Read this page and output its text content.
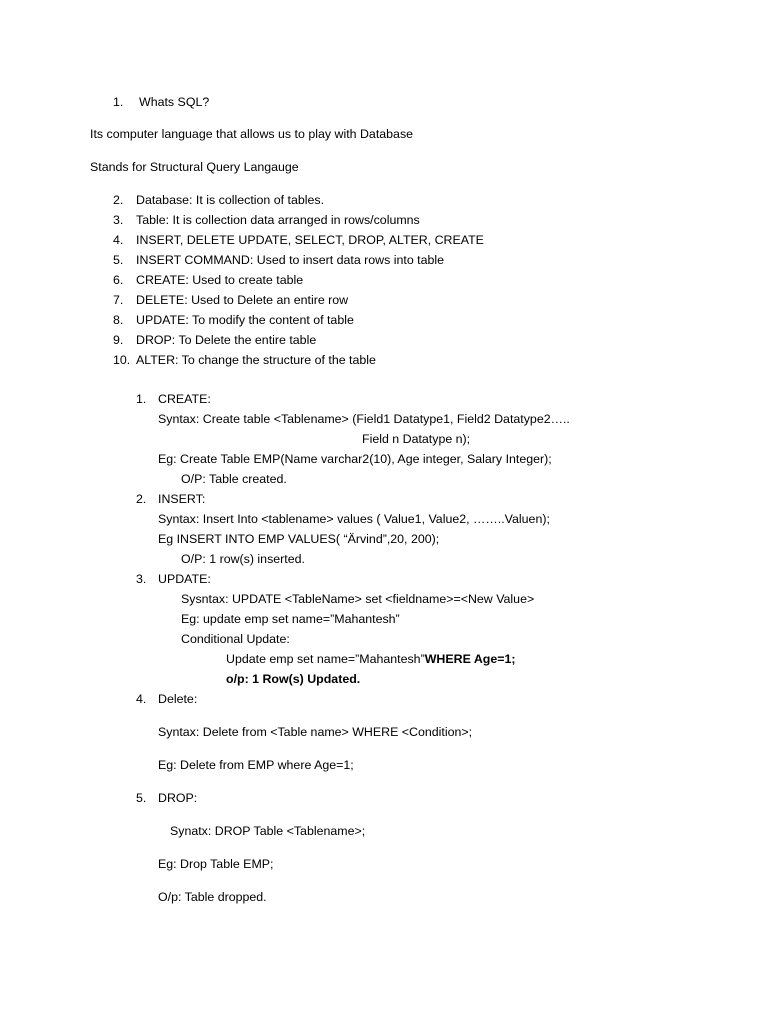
1. Whats SQL?
Its computer language that allows us to play with Database
Stands for Structural Query Langauge
2. Database: It is collection of tables.
3. Table: It is collection data arranged in rows/columns
4. INSERT, DELETE UPDATE, SELECT, DROP, ALTER, CREATE
5. INSERT COMMAND: Used to insert data rows into table
6. CREATE: Used to create table
7. DELETE: Used to Delete an entire row
8. UPDATE: To modify the content of table
9. DROP: To Delete the entire table
10. ALTER: To change the structure of the table
1. CREATE:
Syntax: Create table <Tablename> (Field1 Datatype1, Field2 Datatype2…..
Field n Datatype n);
Eg: Create Table EMP(Name varchar2(10), Age integer, Salary Integer);
O/P: Table created.
2. INSERT:
Syntax: Insert Into <tablename> values ( Value1, Value2, ……..Valuen);
Eg INSERT INTO EMP VALUES( “Ärvind”,20, 200);
O/P: 1 row(s) inserted.
3. UPDATE:
Sysntax: UPDATE <TableName> set <fieldname>=<New Value>
Eg: update emp set name=”Mahantesh”
Conditional Update:
Update emp set name=”Mahantesh”WHERE Age=1;
o/p: 1 Row(s) Updated.
4. Delete:
Syntax: Delete from <Table name> WHERE <Condition>;
Eg: Delete from EMP where Age=1;
5. DROP:
Synatx: DROP Table <Tablename>;
Eg: Drop Table EMP;
O/p: Table dropped.
